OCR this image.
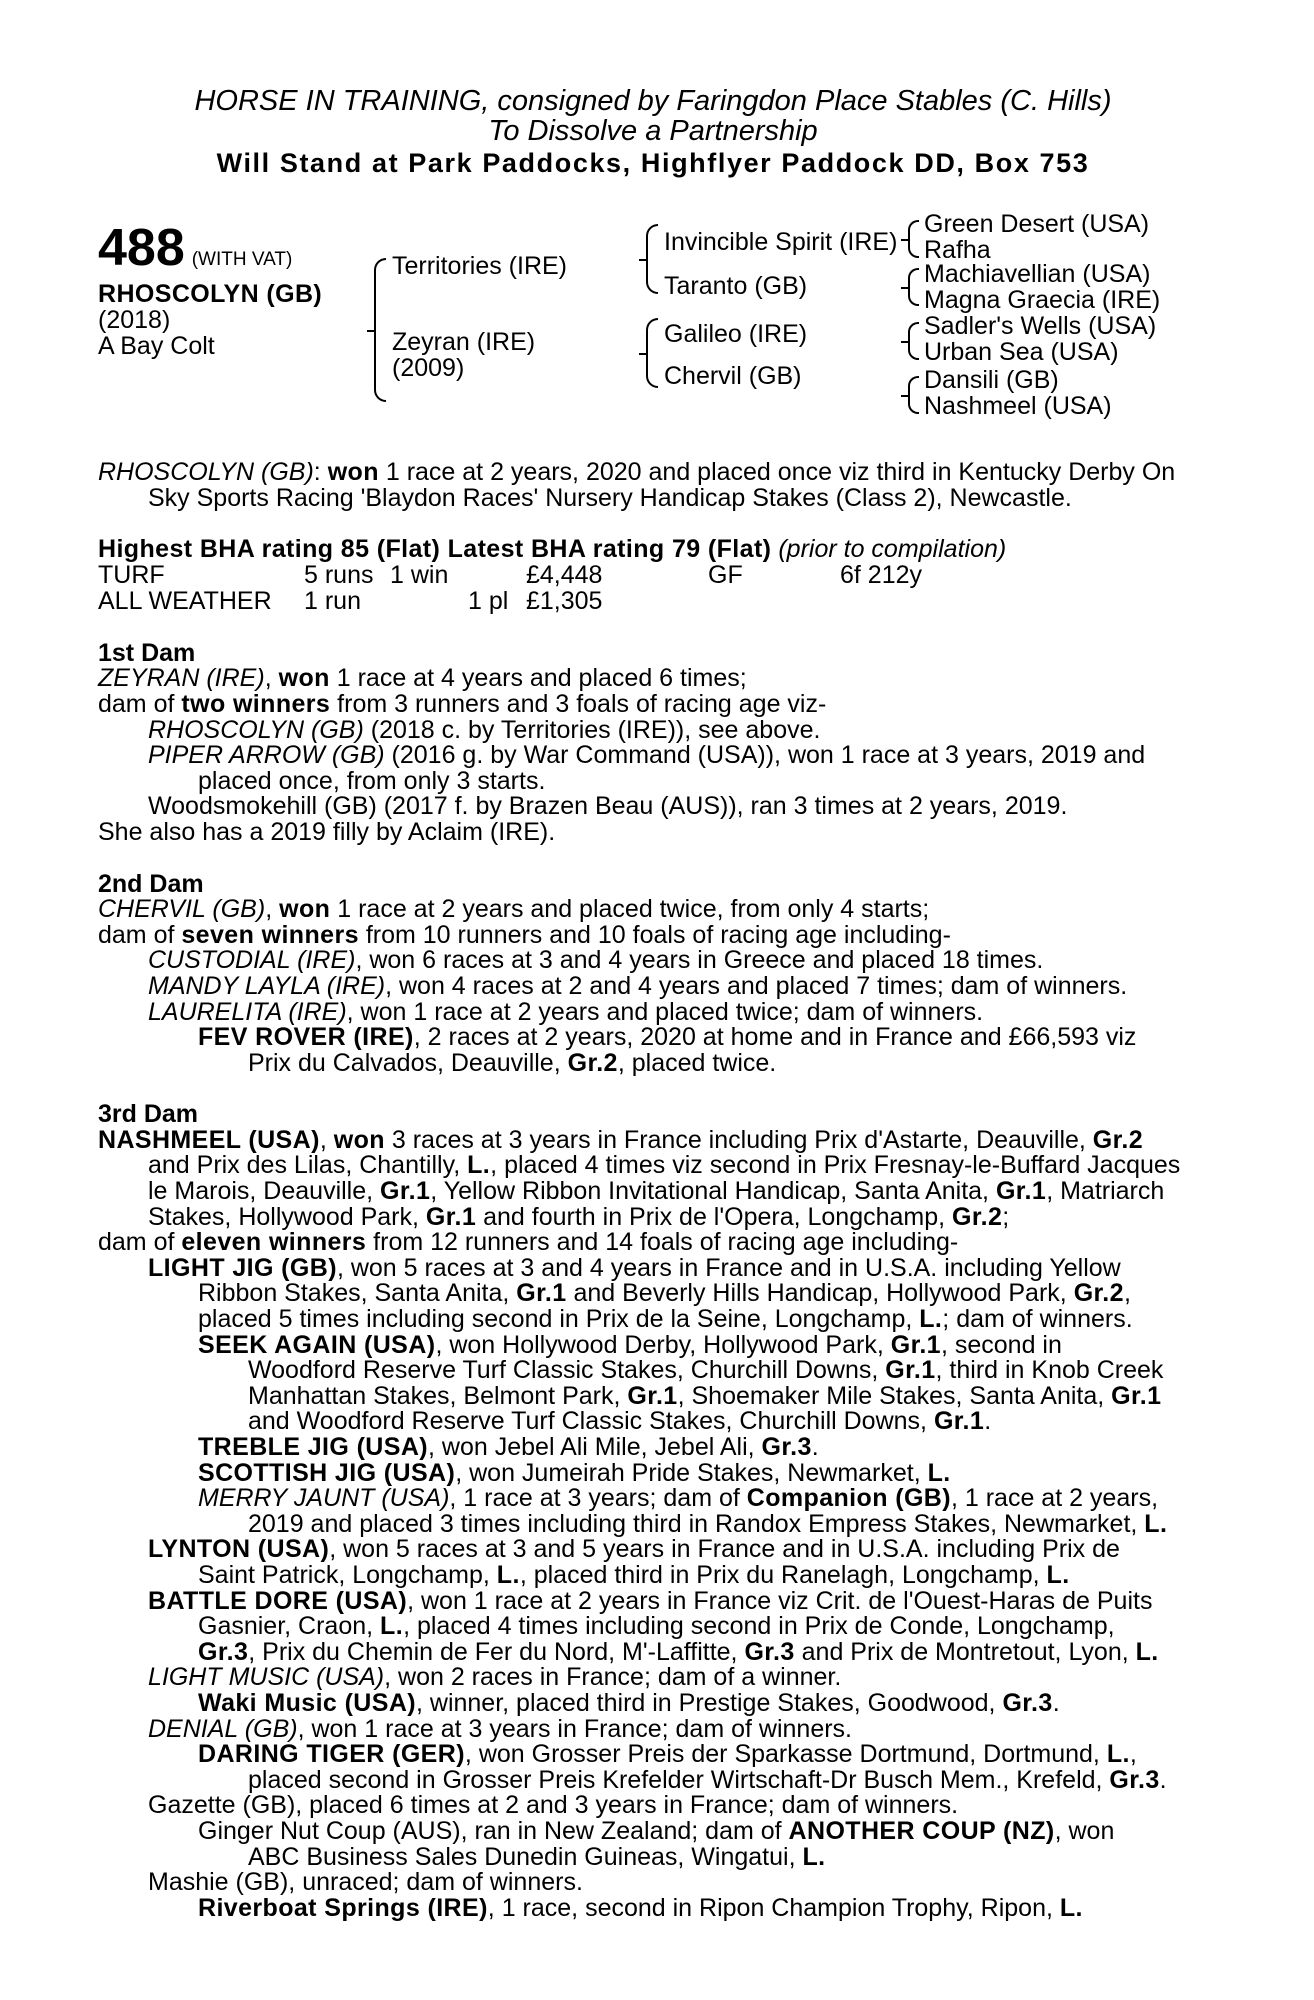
HORSE IN TRAINING, consigned by Faringdon Place Stables (C. Hills)
To Dissolve a Partnership
Will Stand at Park Paddocks, Highflyer Paddock DD, Box 753
488 (WITH VAT)
RHOSCOLYN (GB)
(2018)
A Bay Colt
Territories (IRE)
Zeyran (IRE)
(2009)
Invincible Spirit (IRE)
Taranto (GB)
Galileo (IRE)
Chervil (GB)
Green Desert (USA)
Rafha
Machiavellian (USA)
Magna Graecia (IRE)
Sadler's Wells (USA)
Urban Sea (USA)
Dansili (GB)
Nashmeel (USA)
RHOSCOLYN (GB): won 1 race at 2 years, 2020 and placed once viz third in Kentucky Derby On
Sky Sports Racing 'Blaydon Races' Nursery Handicap Stakes (Class 2), Newcastle.
Highest BHA rating 85 (Flat) Latest BHA rating 79 (Flat) (prior to compilation)
TURF	5 runs 1 win	£4,448	GF	6f 212y
ALL WEATHER 1 run	1 pl £1,305
1st Dam
ZEYRAN (IRE), won 1 race at 4 years and placed 6 times;
dam of two winners from 3 runners and 3 foals of racing age viz-
RHOSCOLYN (GB) (2018 c. by Territories (IRE)), see above.
PIPER ARROW (GB) (2016 g. by War Command (USA)), won 1 race at 3 years, 2019 and
placed once, from only 3 starts.
Woodsmokehill (GB) (2017 f. by Brazen Beau (AUS)), ran 3 times at 2 years, 2019.
She also has a 2019 filly by Aclaim (IRE).
2nd Dam
CHERVIL (GB), won 1 race at 2 years and placed twice, from only 4 starts;
dam of seven winners from 10 runners and 10 foals of racing age including-
CUSTODIAL (IRE), won 6 races at 3 and 4 years in Greece and placed 18 times.
MANDY LAYLA (IRE), won 4 races at 2 and 4 years and placed 7 times; dam of winners.
LAURELITA (IRE), won 1 race at 2 years and placed twice; dam of winners.
FEV ROVER (IRE), 2 races at 2 years, 2020 at home and in France and £66,593 viz
Prix du Calvados, Deauville, Gr.2, placed twice.
3rd Dam
NASHMEEL (USA), won 3 races at 3 years in France including Prix d'Astarte, Deauville, Gr.2
and Prix des Lilas, Chantilly, L., placed 4 times viz second in Prix Fresnay-le-Buffard Jacques
le Marois, Deauville, Gr.1, Yellow Ribbon Invitational Handicap, Santa Anita, Gr.1, Matriarch
Stakes, Hollywood Park, Gr.1 and fourth in Prix de l'Opera, Longchamp, Gr.2;
dam of eleven winners from 12 runners and 14 foals of racing age including-
LIGHT JIG (GB), won 5 races at 3 and 4 years in France and in U.S.A. including Yellow
Ribbon Stakes, Santa Anita, Gr.1 and Beverly Hills Handicap, Hollywood Park, Gr.2,
placed 5 times including second in Prix de la Seine, Longchamp, L.; dam of winners.
SEEK AGAIN (USA), won Hollywood Derby, Hollywood Park, Gr.1, second in
Woodford Reserve Turf Classic Stakes, Churchill Downs, Gr.1, third in Knob Creek
Manhattan Stakes, Belmont Park, Gr.1, Shoemaker Mile Stakes, Santa Anita, Gr.1
and Woodford Reserve Turf Classic Stakes, Churchill Downs, Gr.1.
TREBLE JIG (USA), won Jebel Ali Mile, Jebel Ali, Gr.3.
SCOTTISH JIG (USA), won Jumeirah Pride Stakes, Newmarket, L.
MERRY JAUNT (USA), 1 race at 3 years; dam of Companion (GB), 1 race at 2 years,
2019 and placed 3 times including third in Randox Empress Stakes, Newmarket, L.
LYNTON (USA), won 5 races at 3 and 5 years in France and in U.S.A. including Prix de
Saint Patrick, Longchamp, L., placed third in Prix du Ranelagh, Longchamp, L.
BATTLE DORE (USA), won 1 race at 2 years in France viz Crit. de l'Ouest-Haras de Puits
Gasnier, Craon, L., placed 4 times including second in Prix de Conde, Longchamp,
Gr.3, Prix du Chemin de Fer du Nord, M'-Laffitte, Gr.3 and Prix de Montretout, Lyon, L.
LIGHT MUSIC (USA), won 2 races in France; dam of a winner.
Waki Music (USA), winner, placed third in Prestige Stakes, Goodwood, Gr.3.
DENIAL (GB), won 1 race at 3 years in France; dam of winners.
DARING TIGER (GER), won Grosser Preis der Sparkasse Dortmund, Dortmund, L.,
placed second in Grosser Preis Krefelder Wirtschaft-Dr Busch Mem., Krefeld, Gr.3.
Gazette (GB), placed 6 times at 2 and 3 years in France; dam of winners.
Ginger Nut Coup (AUS), ran in New Zealand; dam of ANOTHER COUP (NZ), won
ABC Business Sales Dunedin Guineas, Wingatui, L.
Mashie (GB), unraced; dam of winners.
Riverboat Springs (IRE), 1 race, second in Ripon Champion Trophy, Ripon, L.
